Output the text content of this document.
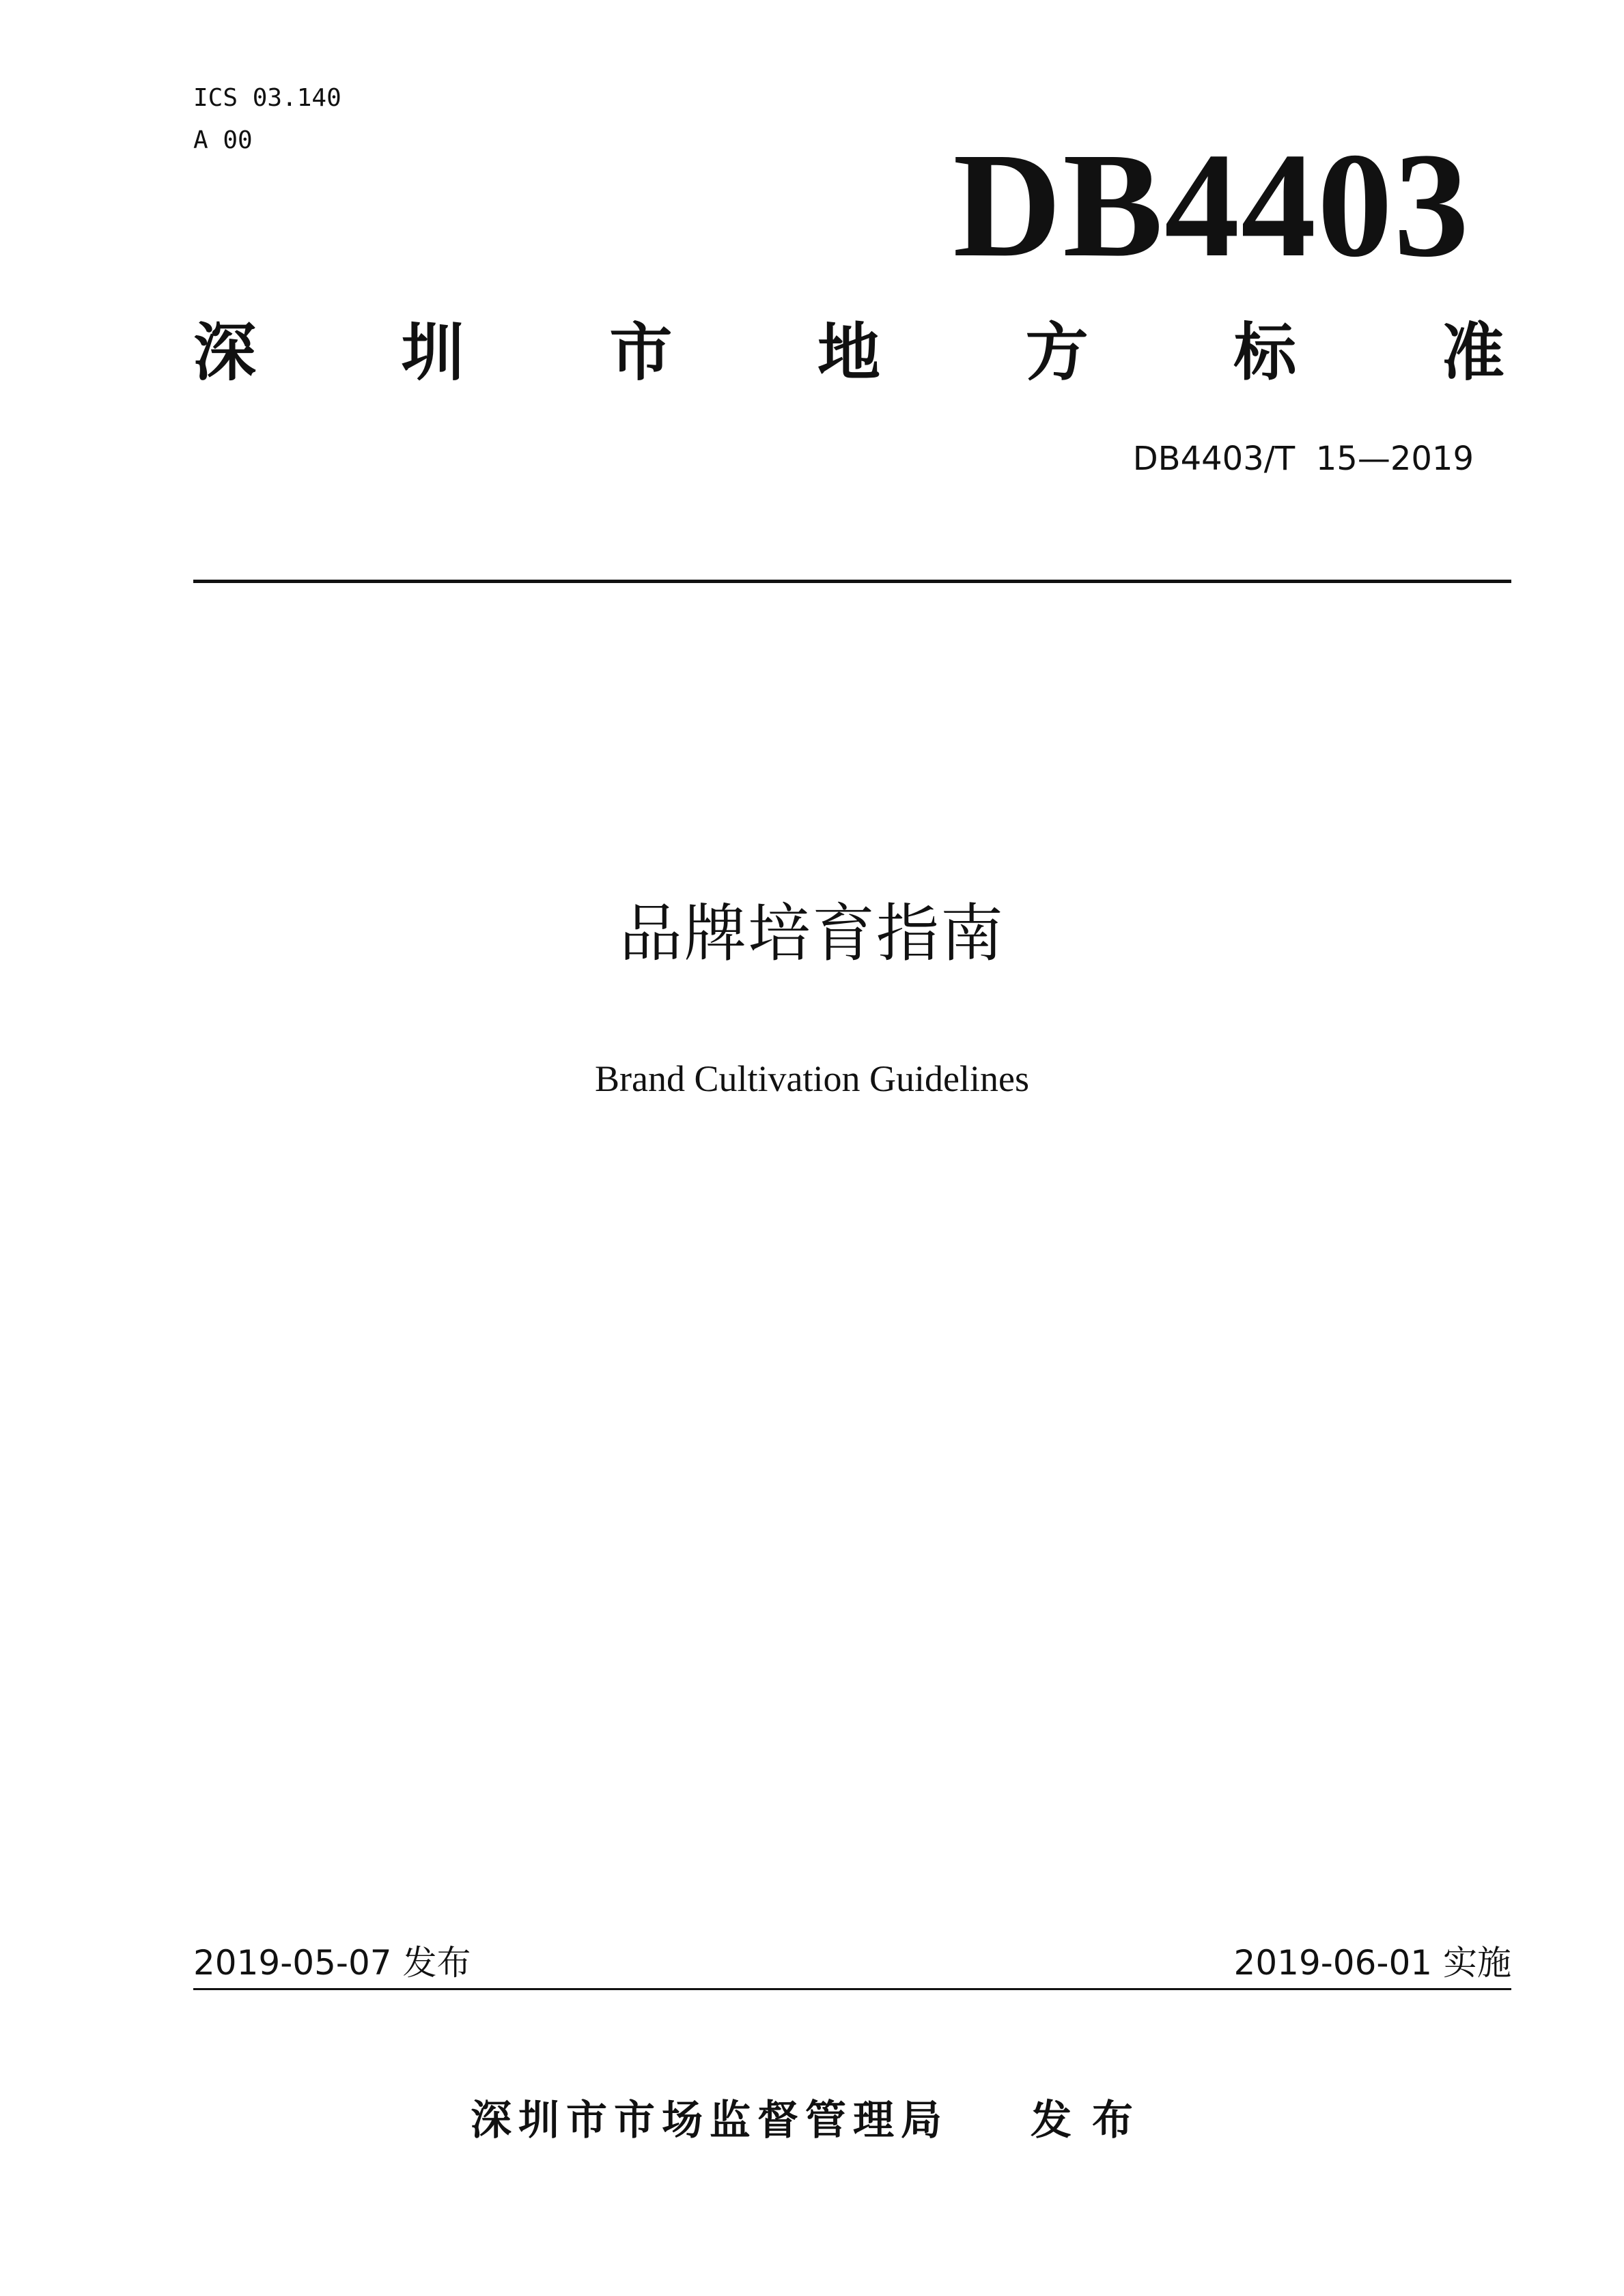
ICS 03.140
A 00	DB4403
深 圳 市 地 方 标 准
DB4403/T  15—2019
品牌培育指南
Brand Cultivation Guidelines
2019-05-07 发布	2019-06-01 实施
深圳市市场监督管理局 发布
